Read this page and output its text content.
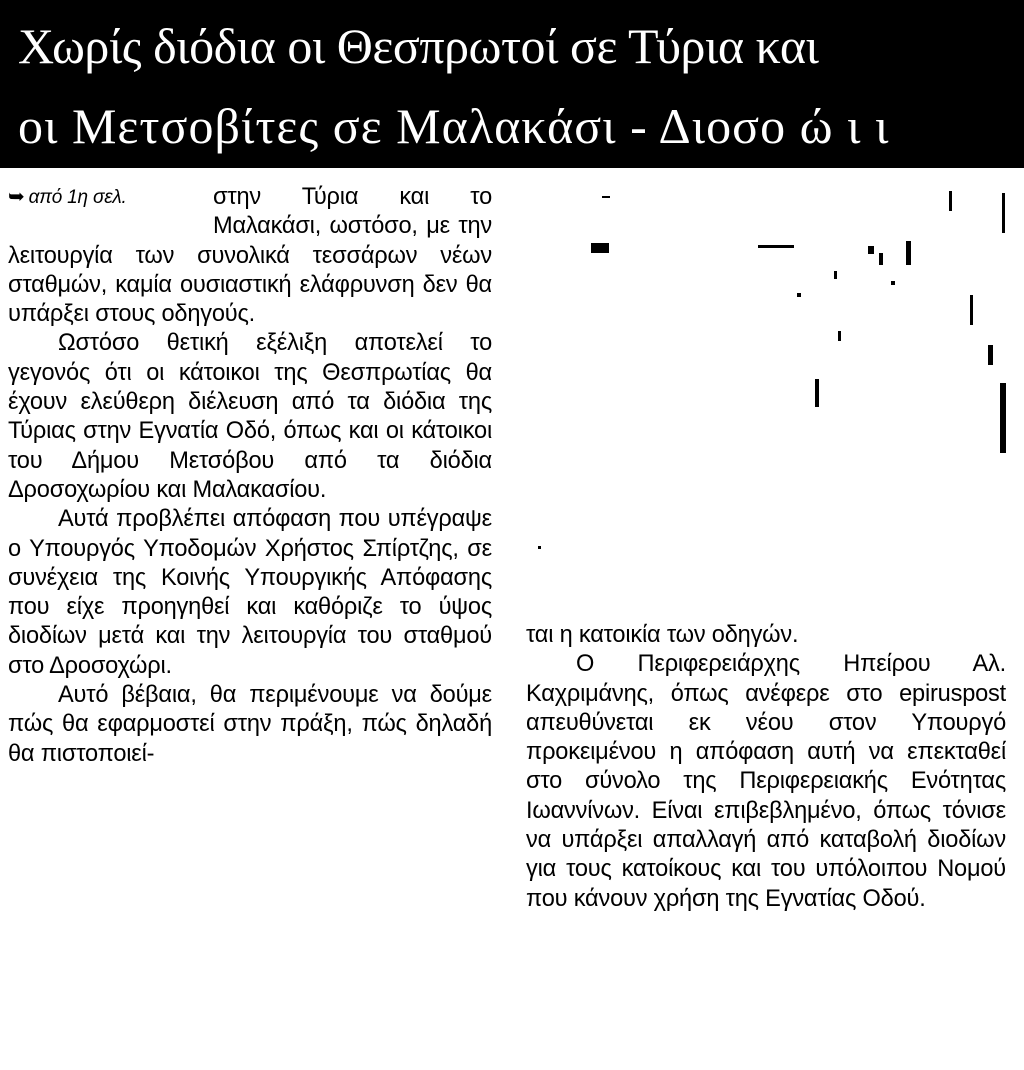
Χωρίς διόδια οι Θεσπρωτοί σε Τύρια και
οι Μετσοβίτες σε Μαλακάσι - Διοσο ώ ι ι
➥ από 1η σελ.	στην Τύρια και το Μαλακάσι, ωστόσο, με την λειτουργία των συνολικά τεσσάρων νέων σταθμών, καμία ουσιαστική ελάφρυνση δεν θα υπάρξει στους οδηγούς.

Ωστόσο θετική εξέλιξη αποτελεί το γεγονός ότι οι κάτοικοι της Θεσπρωτίας θα έχουν ελεύθερη διέλευση από τα διόδια της Τύριας στην Εγνατία Οδό, όπως και οι κάτοικοι του Δήμου Μετσόβου από τα διόδια Δροσοχωρίου και Μαλακασίου.

Αυτά προβλέπει απόφαση που υπέγραψε ο Υπουργός Υποδομών Χρήστος Σπίρτζης, σε συνέχεια της Κοινής Υπουργικής Απόφασης που είχε προηγηθεί και καθόριζε το ύψος διοδίων μετά και την λειτουργία του σταθμού στο Δροσοχώρι.

Αυτό βέβαια, θα περιμένουμε να δούμε πώς θα εφαρμοστεί στην πράξη, πώς δηλαδή θα πιστοποιεί-

ται η κατοικία των οδηγών.

Ο Περιφερειάρχης Ηπείρου Αλ. Καχριμάνης, όπως ανέφερε στο epiruspost απευθύνεται εκ νέου στον Υπουργό προκειμένου η απόφαση αυτή να επεκταθεί στο σύνολο της Περιφερειακής Ενότητας Ιωαννίνων. Είναι επιβεβλημένο, όπως τόνισε να υπάρξει απαλλαγή από καταβολή διοδίων για τους κατοίκους και του υπόλοιπου Νομού που κάνουν χρήση της Εγνατίας Οδού.
